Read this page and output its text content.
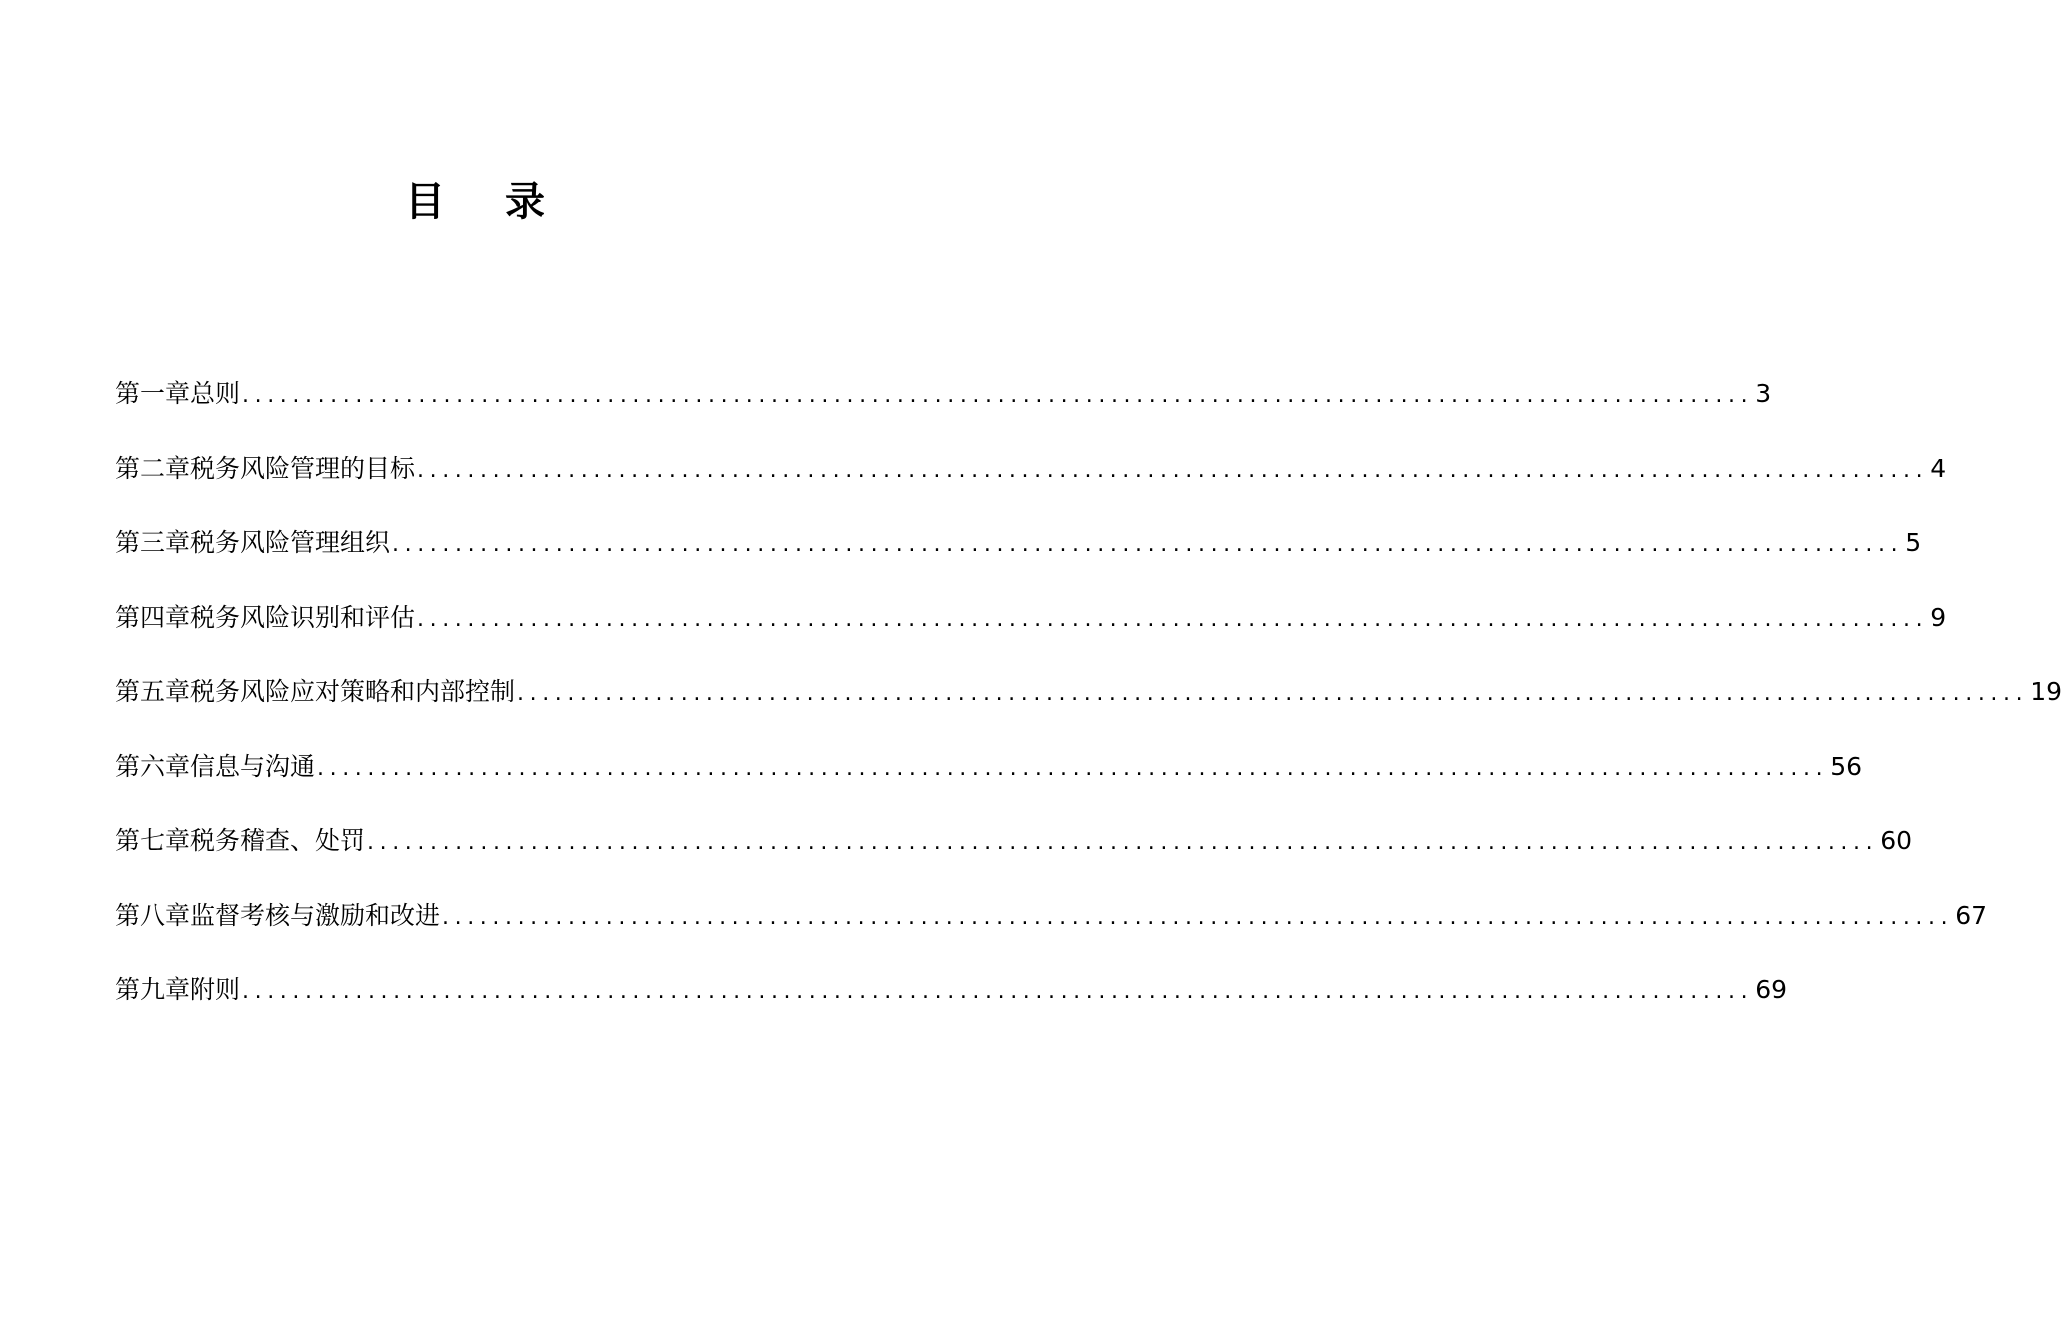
目录
第一章 总则 ........................................................................................................................ 3
第二章 税务风险管理的目标 ........................................................................................................................ 4
第三章 税务风险管理组织 ........................................................................................................................ 5
第四章 税务风险识别和评估 ........................................................................................................................ 9
第五章 税务风险应对策略和内部控制 ........................................................................................................................ 19
第六章 信息与沟通 ........................................................................................................................ 56
第七章 税务稽查、处罚 ........................................................................................................................ 60
第八章 监督考核与激励和改进 ........................................................................................................................ 67
第九章 附则 ........................................................................................................................ 69
